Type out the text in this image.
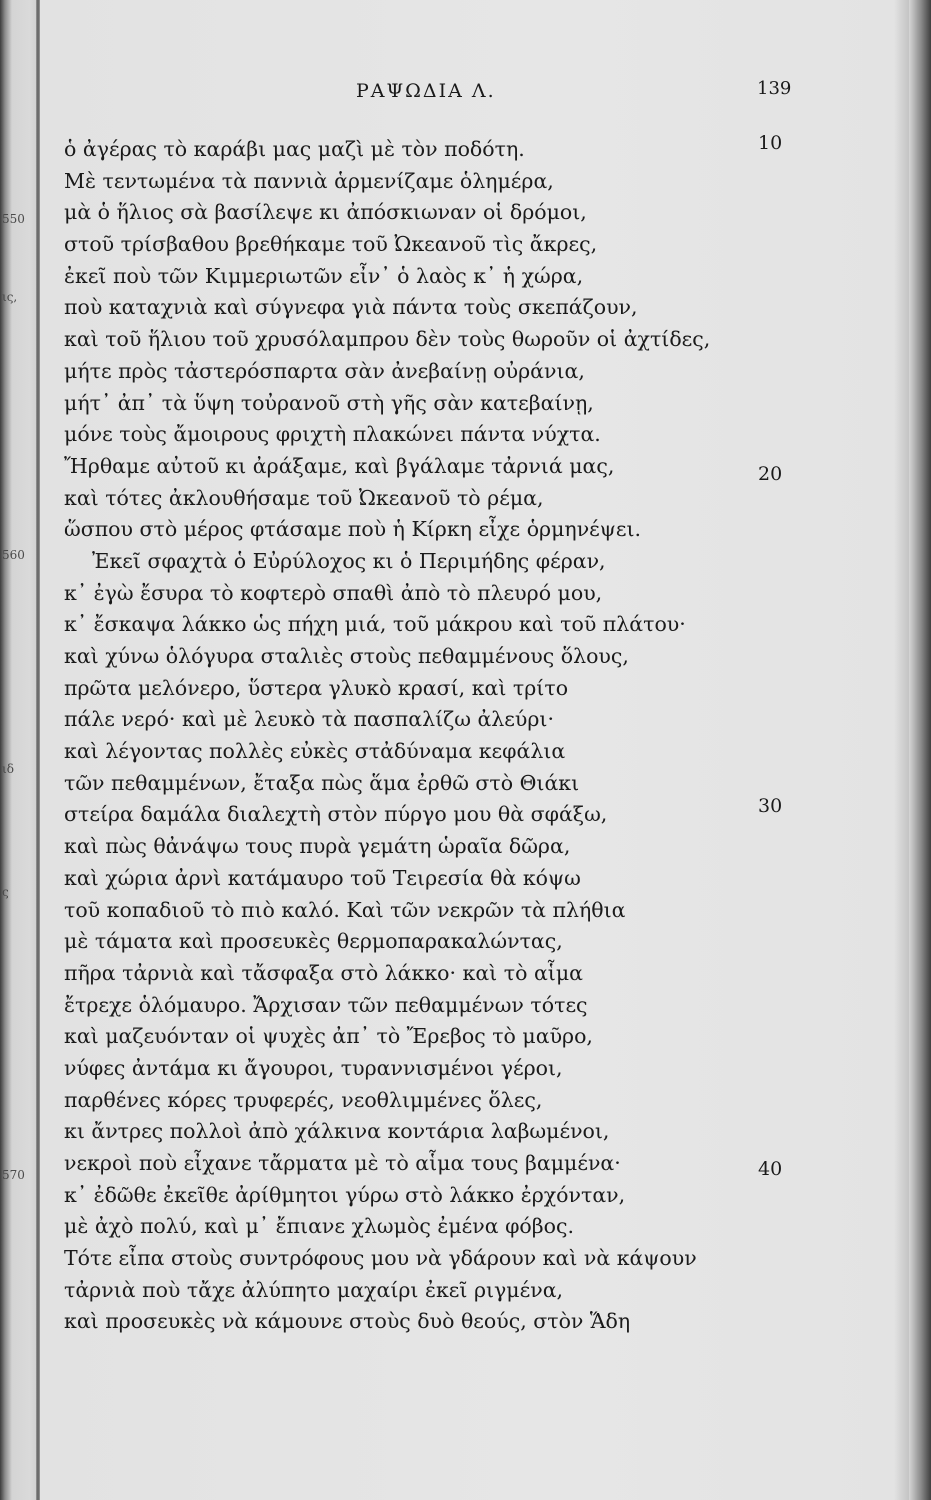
550
ις,
560
ιδ
ς
570
ΡΑΨΩΔΙΑ Λ.	139
ὁ ἀγέρας τὸ καράβι μας μαζὶ μὲ τὸν ποδότη.
Μὲ τεντωμένα τὰ παννιὰ ἁρμενίζαμε ὁλημέρα,
μὰ ὁ ἥλιος σὰ βασίλεψε κι ἀπόσκιωναν οἱ δρόμοι,
στοῦ τρίσβαθου βρεθήκαμε τοῦ Ὠκεανοῦ τὶς ἄκρες,
ἐκεῖ ποὺ τῶν Κιμμεριωτῶν εἶν᾽ ὁ λαὸς κ᾽ ἡ χώρα,
ποὺ καταχνιὰ καὶ σύγνεφα γιὰ πάντα τοὺς σκεπάζουν,
καὶ τοῦ ἥλιου τοῦ χρυσόλαμπρου δὲν τοὺς θωροῦν οἱ ἀχτίδες,
μήτε πρὸς τἀστερόσπαρτα σὰν ἀνεβαίνῃ οὐράνια,
μήτ᾽ ἀπ᾽ τὰ ὕψη τοὐρανοῦ στὴ γῆς σὰν κατεβαίνῃ,
μόνε τοὺς ἄμοιρους φριχτὴ πλακώνει πάντα νύχτα.
Ἤρθαμε αὐτοῦ κι ἀράξαμε, καὶ βγάλαμε τἀρνιά μας,
καὶ τότες ἀκλουθήσαμε τοῦ Ὠκεανοῦ τὸ ρέμα,
ὥσπου στὸ μέρος φτάσαμε ποὺ ἡ Κίρκη εἶχε ὁρμηνέψει.
Ἐκεῖ σφαχτὰ ὁ Εὐρύλοχος κι ὁ Περιμήδης φέραν,
κ᾽ ἐγὼ ἔσυρα τὸ κοφτερὸ σπαθὶ ἀπὸ τὸ πλευρό μου,
κ᾽ ἔσκαψα λάκκο ὡς πήχη μιά, τοῦ μάκρου καὶ τοῦ πλάτου·
καὶ χύνω ὁλόγυρα σταλιὲς στοὺς πεθαμμένους ὅλους,
πρῶτα μελόνερο, ὕστερα γλυκὸ κρασί, καὶ τρίτο
πάλε νερό· καὶ μὲ λευκὸ τὰ πασπαλίζω ἀλεύρι·
καὶ λέγοντας πολλὲς εὐκὲς στἀδύναμα κεφάλια
τῶν πεθαμμένων, ἔταξα πὼς ἅμα ἐρθῶ στὸ Θιάκι
στείρα δαμάλα διαλεχτὴ στὸν πύργο μου θὰ σφάξω,
καὶ πὼς θἀνάψω τους πυρὰ γεμάτη ὡραῖα δῶρα,
καὶ χώρια ἀρνὶ κατάμαυρο τοῦ Τειρεσία θὰ κόψω
τοῦ κοπαδιοῦ τὸ πιὸ καλό. Καὶ τῶν νεκρῶν τὰ πλήθια
μὲ τάματα καὶ προσευκὲς θερμοπαρακαλώντας,
πῆρα τἀρνιὰ καὶ τἄσφαξα στὸ λάκκο· καὶ τὸ αἷμα
ἔτρεχε ὁλόμαυρο. Ἄρχισαν τῶν πεθαμμένων τότες
καὶ μαζευόνταν οἱ ψυχὲς ἀπ᾽ τὸ Ἔρεβος τὸ μαῦρο,
νύφες ἀντάμα κι ἄγουροι, τυραννισμένοι γέροι,
παρθένες κόρες τρυφερές, νεοθλιμμένες ὅλες,
κι ἄντρες πολλοὶ ἀπὸ χάλκινα κοντάρια λαβωμένοι,
νεκροὶ ποὺ εἶχανε τἄρματα μὲ τὸ αἷμα τους βαμμένα·
κ᾽ ἐδῶθε ἐκεῖθε ἀρίθμητοι γύρω στὸ λάκκο ἐρχόνταν,
μὲ ἀχὸ πολύ, καὶ μ᾽ ἔπιανε χλωμὸς ἐμένα φόβος.
Τότε εἶπα στοὺς συντρόφους μου νὰ γδάρουν καὶ νὰ κάψουν
τἀρνιὰ ποὺ τἄχε ἀλύπητο μαχαίρι ἐκεῖ ριγμένα,
καὶ προσευκὲς νὰ κάμουνε στοὺς δυὸ θεούς, στὸν Ἅδη
10
20
30
40
